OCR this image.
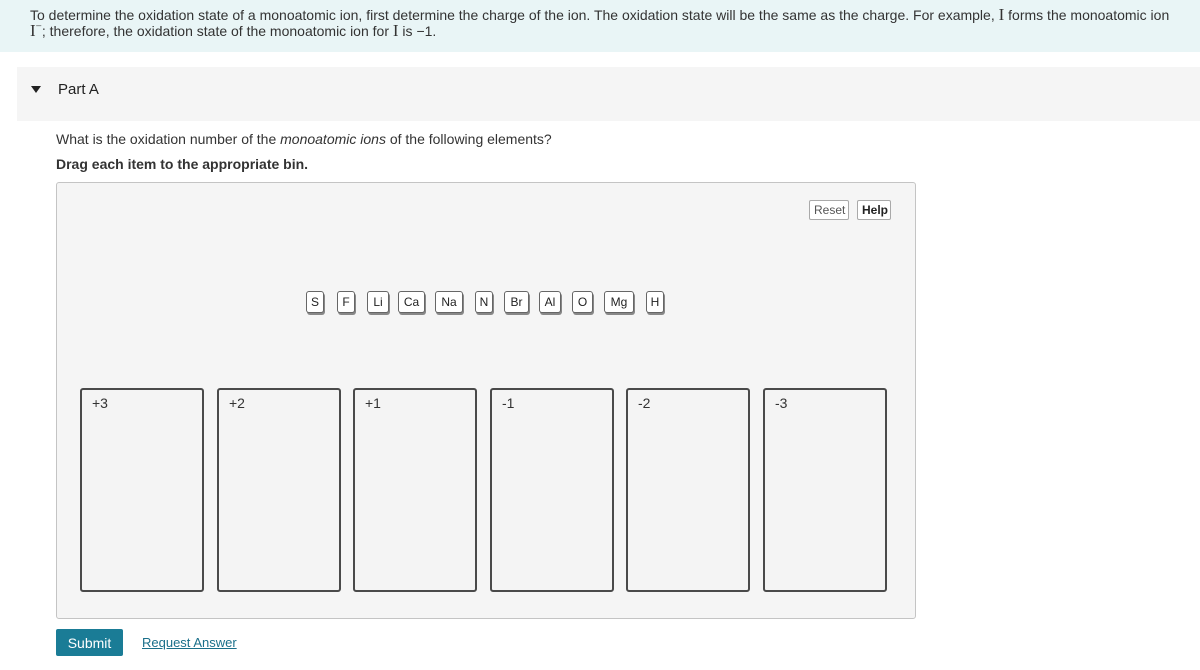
To determine the oxidation state of a monoatomic ion, first determine the charge of the ion. The oxidation state will be the same as the charge. For example, I forms the monoatomic ion I−; therefore, the oxidation state of the monoatomic ion for I is −1.
Part A
What is the oxidation number of the monoatomic ions of the following elements?
Drag each item to the appropriate bin.
Reset	Help
S	F	Li	Ca	Na	N	Br	Al	O	Mg	H
+3	+2	+1	-1	-2	-3
Submit	Request Answer
